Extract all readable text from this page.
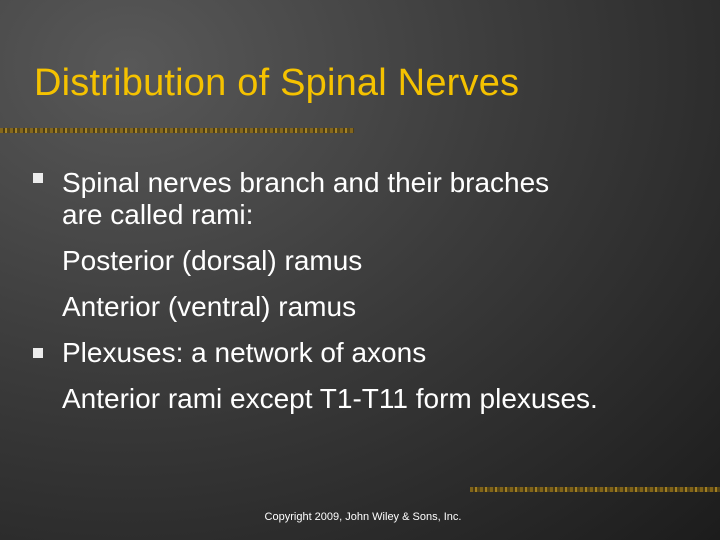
Distribution of Spinal Nerves
Spinal nerves branch and their braches
are called rami:
Posterior (dorsal) ramus
Anterior (ventral) ramus
Plexuses: a network of axons
Anterior rami except T1-T11 form plexuses.
Copyright 2009, John Wiley & Sons, Inc.
